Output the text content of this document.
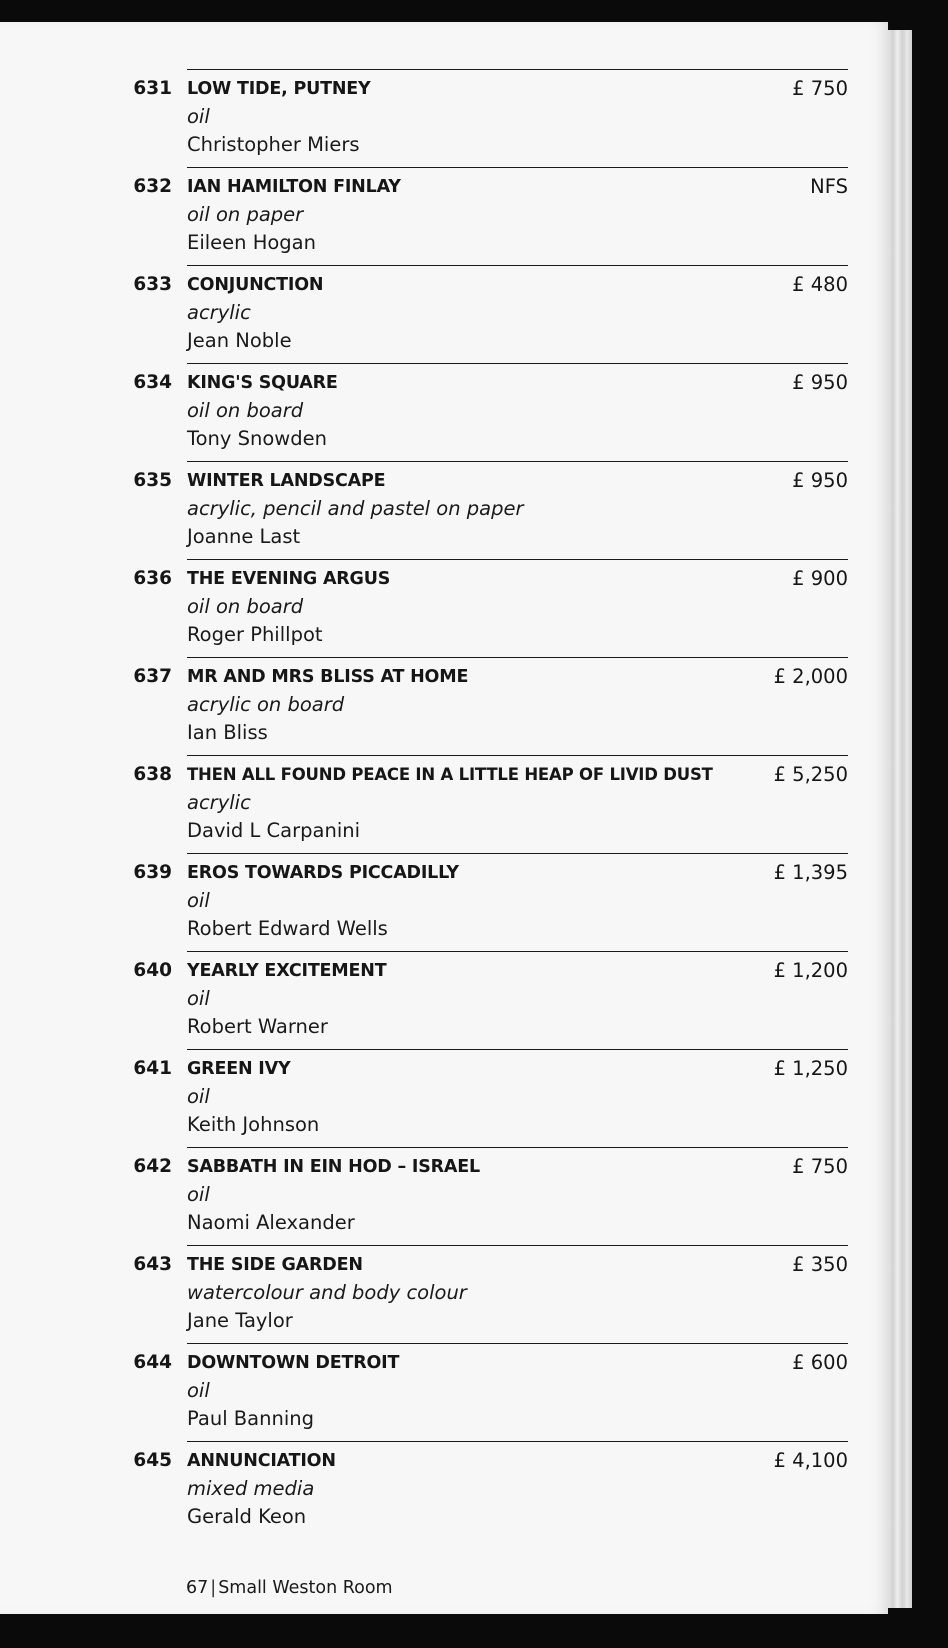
631 LOW TIDE, PUTNEY
oil
Christopher Miers
£ 750
632 IAN HAMILTON FINLAY
oil on paper
Eileen Hogan
NFS
633 CONJUNCTION
acrylic
Jean Noble
£ 480
634 KING'S SQUARE
oil on board
Tony Snowden
£ 950
635 WINTER LANDSCAPE
acrylic, pencil and pastel on paper
Joanne Last
£ 950
636 THE EVENING ARGUS
oil on board
Roger Phillpot
£ 900
637 MR AND MRS BLISS AT HOME
acrylic on board
Ian Bliss
£ 2,000
638 THEN ALL FOUND PEACE IN A LITTLE HEAP OF LIVID DUST
acrylic
David L Carpanini
£ 5,250
639 EROS TOWARDS PICCADILLY
oil
Robert Edward Wells
£ 1,395
640 YEARLY EXCITEMENT
oil
Robert Warner
£ 1,200
641 GREEN IVY
oil
Keith Johnson
£ 1,250
642 SABBATH IN EIN HOD – ISRAEL
oil
Naomi Alexander
£ 750
643 THE SIDE GARDEN
watercolour and body colour
Jane Taylor
£ 350
644 DOWNTOWN DETROIT
oil
Paul Banning
£ 600
645 ANNUNCIATION
mixed media
Gerald Keon
£ 4,100
67 | Small Weston Room
